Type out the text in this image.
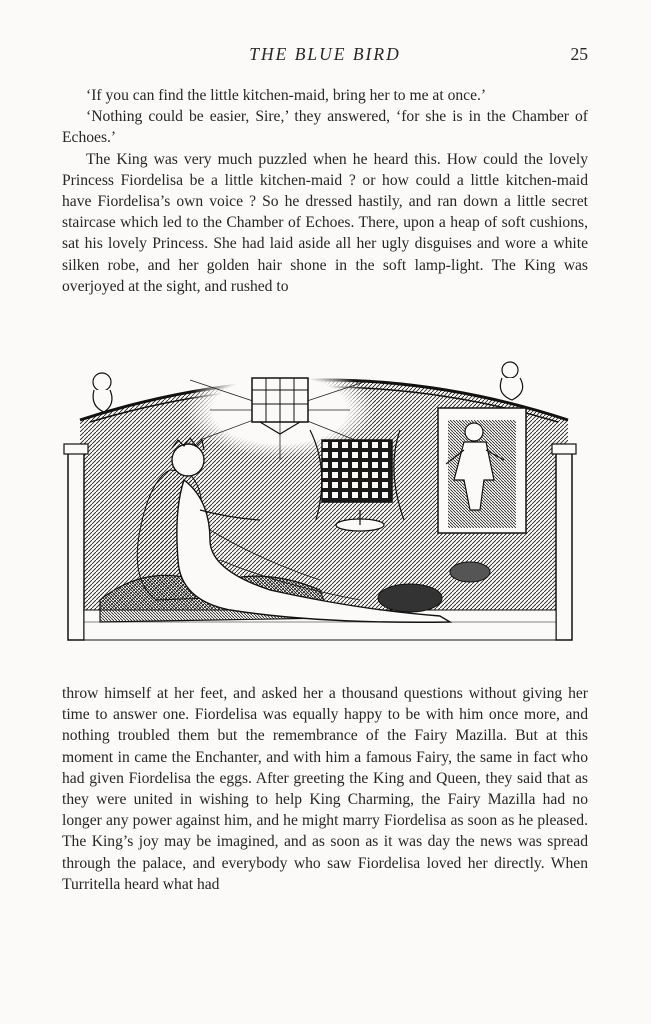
THE BLUE BIRD	25

‘If you can find the little kitchen-maid, bring her to me at once.’

‘Nothing could be easier, Sire,’ they answered, ‘for she is in the Chamber of Echoes.’

The King was very much puzzled when he heard this. How could the lovely Princess Fiordelisa be a little kitchen-maid ? or how could a little kitchen-maid have Fiordelisa’s own voice ? So he dressed hastily, and ran down a little secret staircase which led to the Chamber of Echoes. There, upon a heap of soft cushions, sat his lovely Princess. She had laid aside all her ugly disguises and wore a white silken robe, and her golden hair shone in the soft lamp-light. The King was overjoyed at the sight, and rushed to

throw himself at her feet, and asked her a thousand questions without giving her time to answer one. Fiordelisa was equally happy to be with him once more, and nothing troubled them but the remembrance of the Fairy Mazilla. But at this moment in came the Enchanter, and with him a famous Fairy, the same in fact who had given Fiordelisa the eggs. After greeting the King and Queen, they said that as they were united in wishing to help King Charming, the Fairy Mazilla had no longer any power against him, and he might marry Fiordelisa as soon as he pleased. The King’s joy may be imagined, and as soon as it was day the news was spread through the palace, and everybody who saw Fiordelisa loved her directly. When Turritella heard what had
